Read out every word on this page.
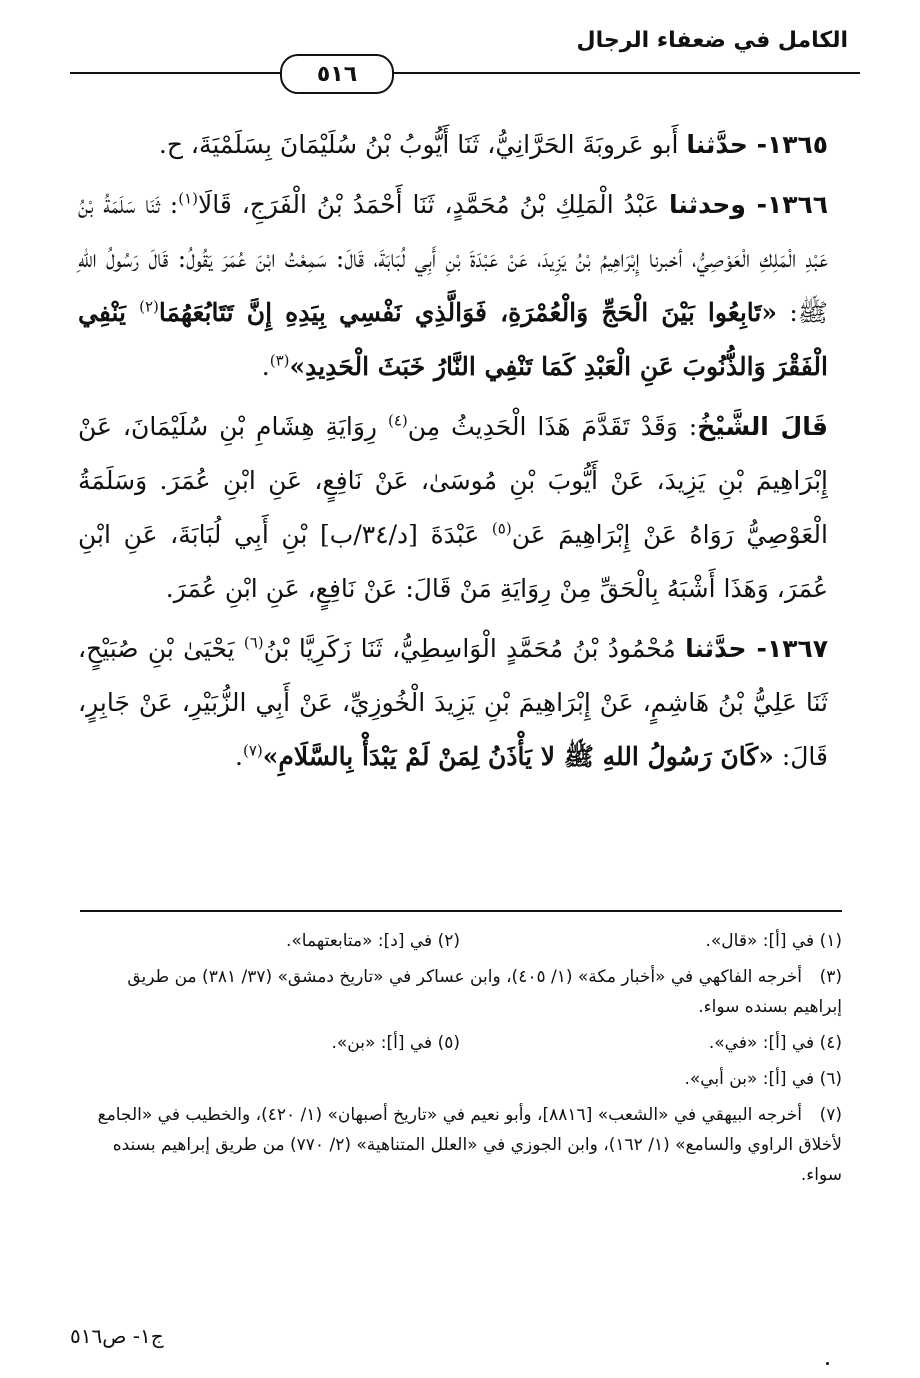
الكامل في ضعفاء الرجال
٥١٦

١٣٦٥- حدَّثنا أَبو عَروبَةَ الحَرَّانِيُّ، ثَنَا أَيُّوبُ بْنُ سُلَيْمَانَ بِسَلَمْيَةَ، ح.

١٣٦٦- وحدثنا عَبْدُ الْمَلِكِ بْنُ مُحَمَّدٍ، ثَنَا أَحْمَدُ بْنُ الْفَرَجِ، قَالَا$^{(١)}$: ثَنَا سَلَمَةُ بْنُ عَبْدِ الْمَلِكِ الْعَوْصِيُّ، أخبرنا إِبْرَاهِيمُ بْنُ يَزِيدَ، عَنْ عَبْدَةَ بْنِ أَبِي لُبَابَةَ، قَالَ: سَمِعْتُ ابْنَ عُمَرَ يَقُولُ: قَالَ رَسُولُ اللهِ ﷺ: «تَابِعُوا بَيْنَ الْحَجِّ وَالْعُمْرَةِ، فَوَالَّذِي نَفْسِي بِيَدِهِ إِنَّ تَتَابُعَهُمَا$^{(٢)}$ يَنْفِي الْفَقْرَ وَالذُّنُوبَ عَنِ الْعَبْدِ كَمَا تَنْفِي النَّارُ خَبَثَ الْحَدِيدِ»$^{(٣)}$.

قَالَ الشَّيْخُ: وَقَدْ تَقَدَّمَ هَذَا الْحَدِيثُ مِن$^{(٤)}$ رِوَايَةِ هِشَامِ بْنِ سُلَيْمَانَ، عَنْ إِبْرَاهِيمَ بْنِ يَزِيدَ، عَنْ أَيُّوبَ بْنِ مُوسَىٰ، عَنْ نَافِعٍ، عَنِ ابْنِ عُمَرَ. وَسَلَمَةُ الْعَوْصِيُّ رَوَاهُ عَنْ إِبْرَاهِيمَ عَن$^{(٥)}$ عَبْدَةَ [د/٣٤/ب] بْنِ أَبِي لُبَابَةَ، عَنِ ابْنِ عُمَرَ، وَهَذَا أَشْبَهُ بِالْحَقِّ مِنْ رِوَايَةِ مَنْ قَالَ: عَنْ نَافِعٍ، عَنِ ابْنِ عُمَرَ.

١٣٦٧- حدَّثنا مُحْمُودُ بْنُ مُحَمَّدٍ الْوَاسِطِيُّ، ثَنَا زَكَرِيَّا بْنُ$^{(٦)}$ يَحْيَىٰ بْنِ صُبَيْحٍ، ثَنَا عَلِيُّ بْنُ هَاشِمٍ، عَنْ إِبْرَاهِيمَ بْنِ يَزِيدَ الْخُوزِيِّ، عَنْ أَبِي الزُّبَيْرِ، عَنْ جَابِرٍ، قَالَ: «كَانَ رَسُولُ اللهِ ﷺ لا يَأْذَنُ لِمَنْ لَمْ يَبْدَأْ بِالسَّلَامِ»$^{(٧)}$.

(١) في [أ]: «قال».
(٢) في [د]: «متابعتهما».
(٣)أخرجه الفاكهي في «أخبار مكة» (١/ ٤٠٥)، وابن عساكر في «تاريخ دمشق» (٣٧/ ٣٨١) من طريق إبراهيم بسنده سواء.
(٤) في [أ]: «في».
(٥) في [أ]: «بن».
(٦) في [أ]: «بن أبي».
(٧)أخرجه البيهقي في «الشعب» [٨٨١٦]، وأبو نعيم في «تاريخ أصبهان» (١/ ٤٢٠)، والخطيب في «الجامع لأخلاق الراوي والسامع» (١/ ١٦٢)، وابن الجوزي في «العلل المتناهية» (٢/ ٧٧٠) من طريق إبراهيم بسنده سواء.
ج١- ص٥١٦
